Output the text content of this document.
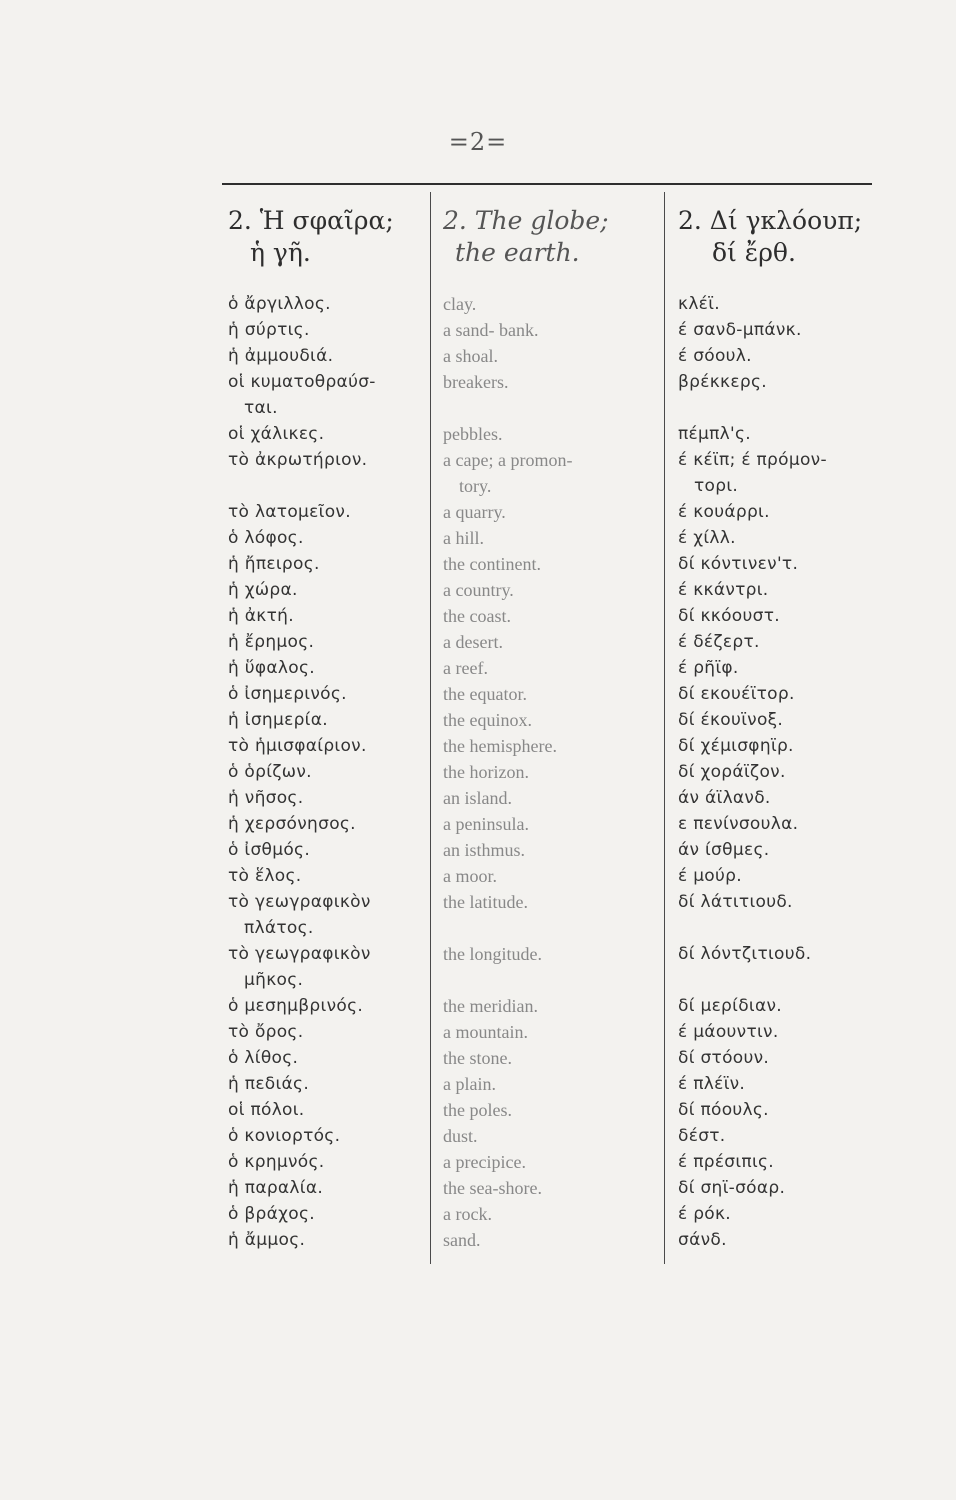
=2=
2. Ἡ σφαῖρα;
ἡ γῆ.
ὁ ἄργιλλος.
ἡ σύρτις.
ἡ ἀμμουδιά.
οἱ κυματοθραύσ-
ται.
οἱ χάλικες.
τὸ ἀκρωτήριον.
τὸ λατομεῖον.
ὁ λόφος.
ἡ ἤπειρος.
ἡ χώρα.
ἡ ἀκτή.
ἡ ἔρημος.
ἡ ὕφαλος.
ὁ ἰσημερινός.
ἡ ἰσημερία.
τὸ ἡμισφαίριον.
ὁ ὁρίζων.
ἡ νῆσος.
ἡ χερσόνησος.
ὁ ἰσθμός.
τὸ ἕλος.
τὸ γεωγραφικὸν
πλάτος.
τὸ γεωγραφικὸν
μῆκος.
ὁ μεσημβρινός.
τὸ ὄρος.
ὁ λίθος.
ἡ πεδιάς.
οἱ πόλοι.
ὁ κονιορτός.
ὁ κρημνός.
ἡ παραλία.
ὁ βράχος.
ἡ ἄμμος.
2. The globe;
the earth.
clay.
a sand- bank.
a shoal.
breakers.
pebbles.
a cape; a promon-
tory.
a quarry.
a hill.
the continent.
a country.
the coast.
a desert.
a reef.
the equator.
the equinox.
the hemisphere.
the horizon.
an island.
a peninsula.
an isthmus.
a moor.
the latitude.
the longitude.
the meridian.
a mountain.
the stone.
a plain.
the poles.
dust.
a precipice.
the sea-shore.
a rock.
sand.
2. Δί γκλόουπ;
δί ἔρθ.
κλέϊ.
έ σανδ-μπάνκ.
έ σόουλ.
βρέκκερς.
πέμπλ'ς.
έ κέϊπ; έ πρόμον-
τορι.
έ κουάρρι.
έ χίλλ.
δί κόντινεν'τ.
έ κκάντρι.
δί κκόουστ.
έ δέζερτ.
έ ρῆϊφ.
δί εκουέϊτορ.
δί έκουϊνοξ.
δί χέμισφηϊρ.
δί χοράϊζον.
άν άϊλανδ.
ε πενίνσουλα.
άν ίσθμες.
έ μούρ.
δί λάτιτιουδ.
δί λόντζιτιουδ.
δί μερίδιαν.
έ μάουντιν.
δί στόουν.
έ πλέϊν.
δί πόουλς.
δέστ.
έ πρέσιπις.
δί σηϊ-σόαρ.
έ ρόκ.
σάνδ.
